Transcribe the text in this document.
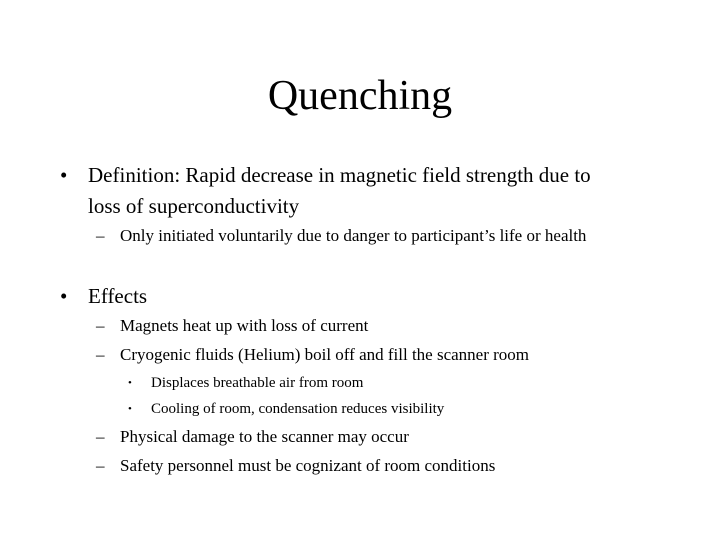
Quenching
• Definition: Rapid decrease in magnetic field strength due to
loss of superconductivity
– Only initiated voluntarily due to danger to participant’s life or health
• Effects
– Magnets heat up with loss of current
– Cryogenic fluids (Helium) boil off and fill the scanner room
• Displaces breathable air from room
• Cooling of room, condensation reduces visibility
– Physical damage to the scanner may occur
– Safety personnel must be cognizant of room conditions
